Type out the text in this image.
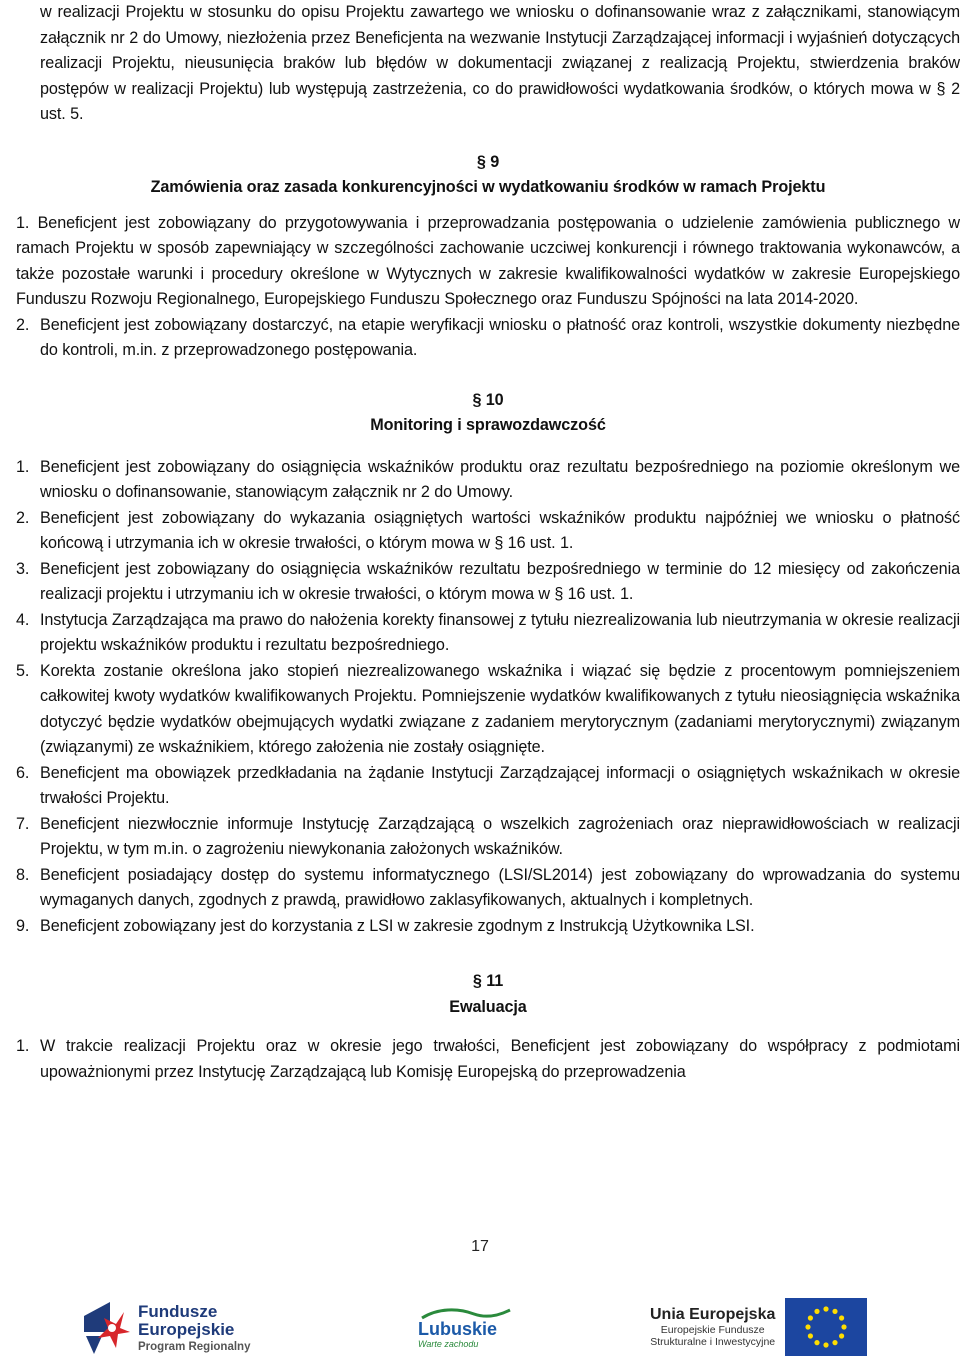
w realizacji Projektu w stosunku do opisu Projektu zawartego we wniosku o dofinansowanie wraz z załącznikami, stanowiącym załącznik nr 2 do Umowy, niezłożenia przez Beneficjenta na wezwanie Instytucji Zarządzającej informacji i wyjaśnień dotyczących realizacji Projektu, nieusunięcia braków lub błędów w dokumentacji związanej z realizacją Projektu, stwierdzenia braków postępów w realizacji Projektu) lub występują zastrzeżenia, co do prawidłowości wydatkowania środków, o których mowa w § 2 ust. 5.

§ 9

Zamówienia oraz zasada konkurencyjności w wydatkowaniu środków w ramach Projektu

1. Beneficjent jest zobowiązany do przygotowywania i przeprowadzania postępowania o udzielenie zamówienia publicznego w ramach Projektu w sposób zapewniający w szczególności zachowanie uczciwej konkurencji i równego traktowania wykonawców, a także pozostałe warunki i procedury określone w Wytycznych w zakresie kwalifikowalności wydatków w zakresie Europejskiego Funduszu Rozwoju Regionalnego, Europejskiego Funduszu Społecznego oraz Funduszu Spójności na lata 2014-2020.
2. Beneficjent jest zobowiązany dostarczyć, na etapie weryfikacji wniosku o płatność oraz kontroli, wszystkie dokumenty niezbędne do kontroli, m.in. z przeprowadzonego postępowania.

§ 10

Monitoring i sprawozdawczość

1. Beneficjent jest zobowiązany do osiągnięcia wskaźników produktu oraz rezultatu bezpośredniego na poziomie określonym we wniosku o dofinansowanie, stanowiącym załącznik nr 2 do Umowy.
2. Beneficjent jest zobowiązany do wykazania osiągniętych wartości wskaźników produktu najpóźniej we wniosku o płatność końcową i utrzymania ich w okresie trwałości, o którym mowa w § 16 ust. 1.
3. Beneficjent jest zobowiązany do osiągnięcia wskaźników rezultatu bezpośredniego w terminie do 12 miesięcy od zakończenia realizacji projektu i utrzymaniu ich w okresie trwałości, o którym mowa w § 16 ust. 1.
4. Instytucja Zarządzająca ma prawo do nałożenia korekty finansowej z tytułu niezrealizowania lub nieutrzymania w okresie realizacji projektu wskaźników produktu i rezultatu bezpośredniego.
5. Korekta zostanie określona jako stopień niezrealizowanego wskaźnika i wiązać się będzie z procentowym pomniejszeniem całkowitej kwoty wydatków kwalifikowanych Projektu. Pomniejszenie wydatków kwalifikowanych z tytułu nieosiągnięcia wskaźnika dotyczyć będzie wydatków obejmujących wydatki związane z zadaniem merytorycznym (zadaniami merytorycznymi) związanym (związanymi) ze wskaźnikiem, którego założenia nie zostały osiągnięte.
6. Beneficjent ma obowiązek przedkładania na żądanie Instytucji Zarządzającej informacji o osiągniętych wskaźnikach w okresie trwałości Projektu.
7. Beneficjent niezwłocznie informuje Instytucję Zarządzającą o wszelkich zagrożeniach oraz nieprawidłowościach w realizacji Projektu, w tym m.in. o zagrożeniu niewykonania założonych wskaźników.
8. Beneficjent posiadający dostęp do systemu informatycznego (LSI/SL2014) jest zobowiązany do wprowadzania do systemu wymaganych danych, zgodnych z prawdą, prawidłowo zaklasyfikowanych, aktualnych i kompletnych.
9. Beneficjent zobowiązany jest do korzystania z LSI w zakresie zgodnym z Instrukcją Użytkownika LSI.

§ 11

Ewaluacja

1. W trakcie realizacji Projektu oraz w okresie jego trwałości, Beneficjent jest zobowiązany do współpracy z podmiotami upoważnionymi przez Instytucję Zarządzającą lub Komisję Europejską do przeprowadzenia
17
Fundusze
Europejskie
Program Regionalny
Lubuskie
Warte zachodu
Unia Europejska
Europejskie Fundusze
Strukturalne i Inwestycyjne
